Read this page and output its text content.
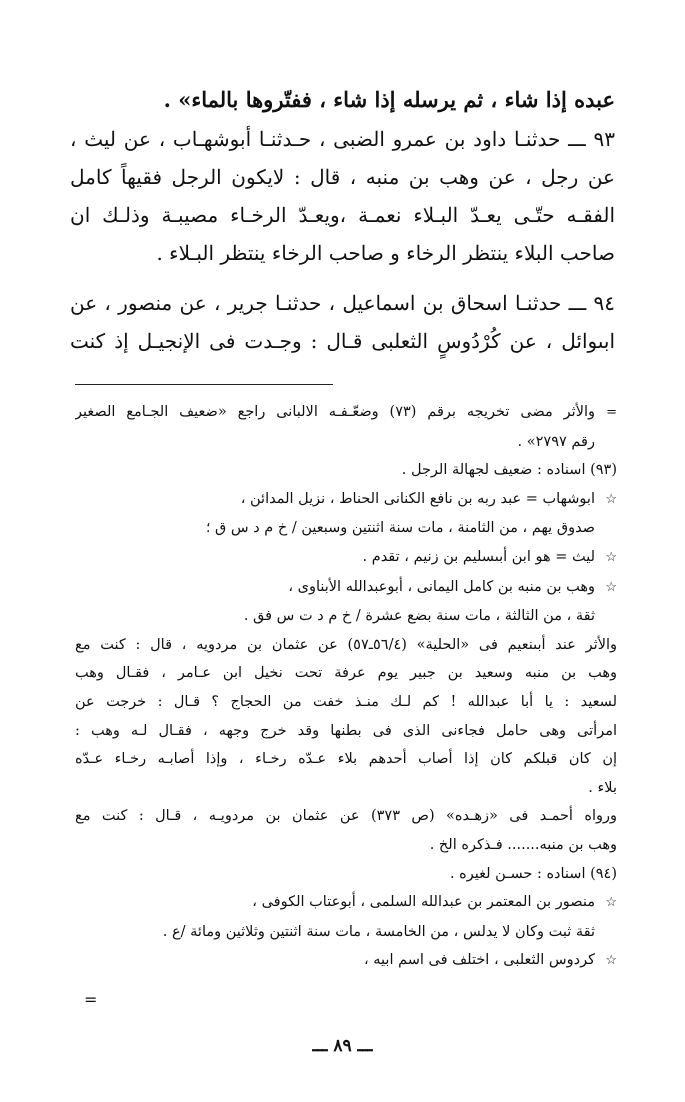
عبده إذا شاء ، ثم يرسله إذا شاء ، ففتّروها بالماء» .
٩٣ ـــ حدثنـا داود بن عمرو الضبى ، حـدثنـا أبوشهـاب ، عن ليث ،
عن رجل ، عن وهب بن منبه ، قال : لايكون الرجل فقيهاً كامل
الفقـه حتّـى يعـدّ البـلاء نعمـة ،ويعـدّ الرخـاء مصيبـة وذلـك ان
صاحب البلاء ينتظر الرخاء و صاحب الرخاء ينتظر البـلاء .
٩٤ ـــ حدثنـا اسحاق بن اسماعيل ، حدثنـا جرير ، عن منصور ، عن
ابىوائل ، عن كُرْدُوسٍ الثعلبى قـال : وجـدت فى الإنجيـل إذ كنت
=والأثر مضى تخريجه برقم (٧٣) وضعّـفـه الالبانى راجع «ضعيف الجـامع الصغير
رقم ٢٧٩٧» .
(٩٣) اسناده : ضعيف لجهالة الرجل .
☆ابوشهاب = عبد ربه بن نافع الكنانى الحناط ، نزيل المدائن ،
صدوق يهم ، من الثامنة ، مات سنة اثنتين وسبعين / خ م د س ق ؛
☆ليث = هو ابن أبىسليم بن زنيم ، تقدم .
☆وهب بن منبه بن كامل اليمانى ، أبوعبدالله الأبناوى ،
ثقة ، من الثالثة ، مات سنة بضع عشرة / خ م د ت س فق .
والأثر عند أبىنعيم فى «الحلية» (٥٦/٤ـ٥٧) عن عثمان بن مردويه ، قال : كنت مع
وهب بن منبه وسعيد بن جبير يوم عرفة تحت نخيل ابن عـامر ، فقـال وهب
لسعيد : يا أبا عبدالله ! كم لـك منـذ خفت من الحجاج ؟ قـال : خرجت عن
امرأتى وهى حامل فجاءنى الذى فى بطنها وقد خرج وجهه ، فقـال لـه وهب :
إن كان قبلكم كان إذا أصاب أحدهم بلاء عـدّه رخـاء ، وإذا أصابـه رخـاء عـدّه
بلاء .
ورواه أحمـد فى «زهـده» (ص ٣٧٣) عن عثمان بن مردويـه ، قـال : كنت مع
وهب بن منبه....... فـذكره الخ .
(٩٤) اسناده : حسـن لغيره .
☆منصور بن المعتمر بن عبدالله السلمى ، أبوعتاب الكوفى ،
ثقة ثبت وكان لا يدلس ، من الخامسة ، مات سنة اثنتين وثلاثين ومائة /ع .
☆كردوس الثعلبى ، اختلف فى اسم ابيه ،
=
ـــ ٨٩ ـــ
